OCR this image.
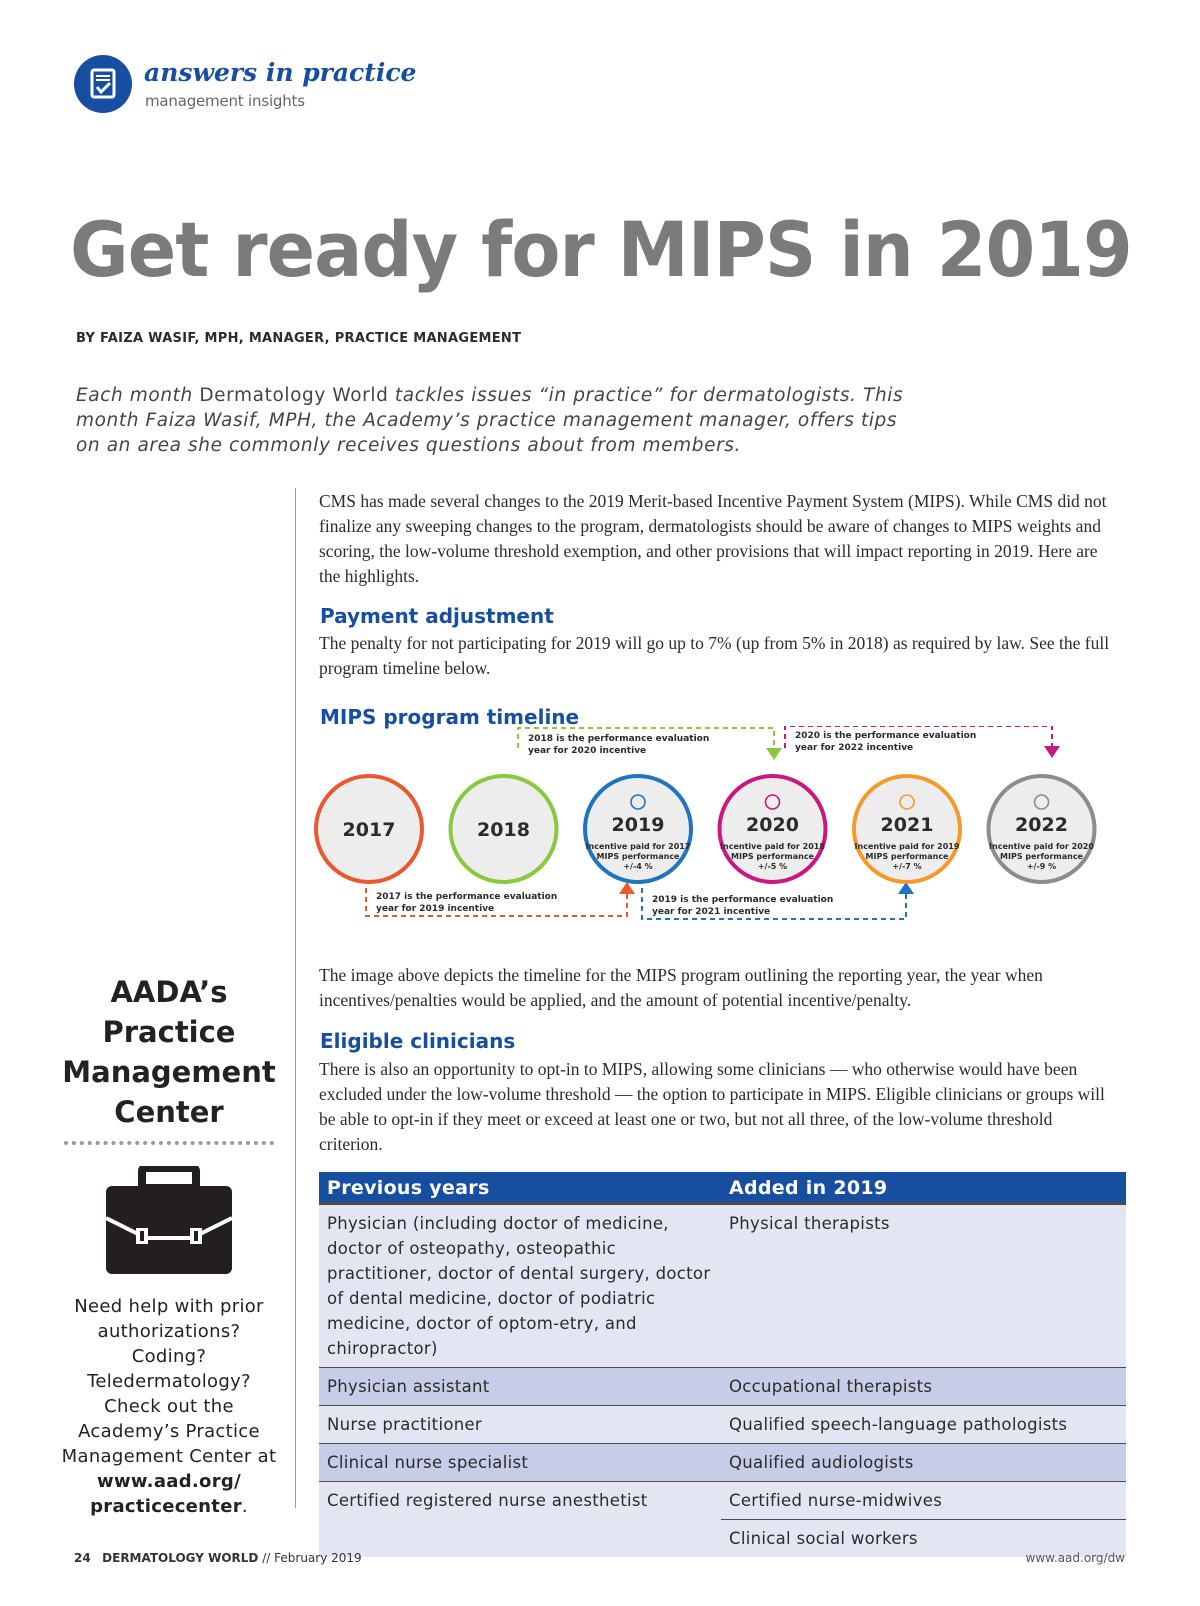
answers in practice
management insights
Get ready for MIPS in 2019
BY FAIZA WASIF, MPH, MANAGER, PRACTICE MANAGEMENT
Each month Dermatology World tackles issues “in practice” for dermatologists. This month Faiza Wasif, MPH, the Academy’s practice management manager, offers tips on an area she commonly receives questions about from members.
AADA’s
Practice
Management
Center
Need help with prior authorizations? Coding? Teledermatology? Check out the Academy’s Practice Management Center at www.aad.org/ practicecenter.
CMS has made several changes to the 2019 Merit-based Incentive Payment System (MIPS). While CMS did not finalize any sweeping changes to the program, dermatologists should be aware of changes to MIPS weights and scoring, the low-volume threshold exemption, and other provisions that will impact reporting in 2019. Here are the highlights.
Payment adjustment
The penalty for not participating for 2019 will go up to 7% (up from 5% in 2018) as required by law. See the full program timeline below.
MIPS program timeline
2018 is the performance evaluation
year for 2020 incentive
2020 is the performance evaluation
year for 2022 incentive
2017 is the performance evaluation
year for 2019 incentive
2019 is the performance evaluation
year for 2021 incentive
2017	2018	2019
Incentive paid for 2017
MIPS performance
+/-4 %
2020
Incentive paid for 2018
MIPS performance
+/-5 %
2021
Incentive paid for 2019
MIPS performance
+/-7 %
2022
Incentive paid for 2020
MIPS performance
+/-9 %
The image above depicts the timeline for the MIPS program outlining the reporting year, the year when incentives/penalties would be applied, and the amount of potential incentive/penalty.
Eligible clinicians
There is also an opportunity to opt-in to MIPS, allowing some clinicians — who otherwise would have been excluded under the low-volume threshold — the option to participate in MIPS. Eligible clinicians or groups will be able to opt-in if they meet or exceed at least one or two, but not all three, of the low-volume threshold criterion.
Previous years	Added in 2019
Physician (including doctor of medicine, doctor of osteopathy, osteopathic practitioner, doctor of dental surgery, doctor of dental medicine, doctor of podiatric medicine, doctor of optom-etry, and chiropractor)	Physical therapists
Physician assistant	Occupational therapists
Nurse practitioner	Qualified speech-language pathologists
Clinical nurse specialist	Qualified audiologists
Certified registered nurse anesthetist	Certified nurse-midwives
	Clinical social workers
24 DERMATOLOGY WORLD // February 2019	www.aad.org/dw
